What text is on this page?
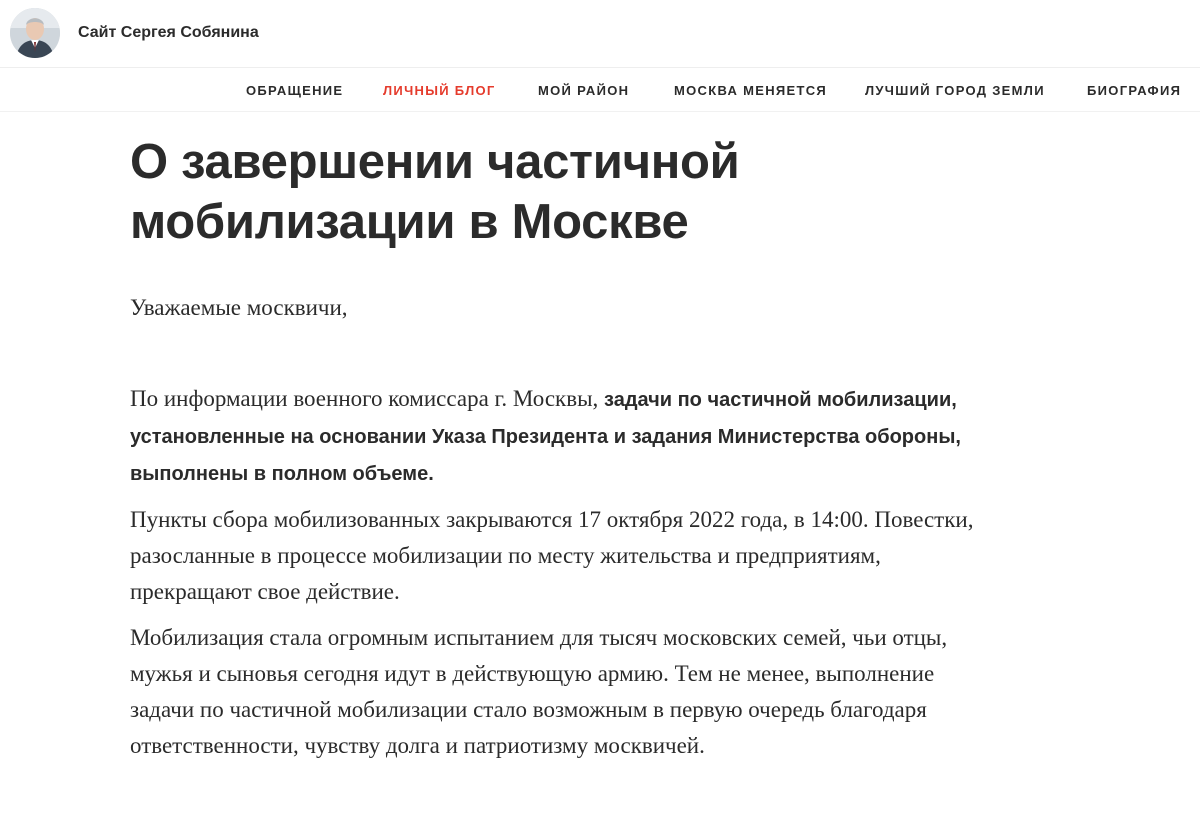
Сайт Сергея Собянина
ОБРАЩЕНИЕ	ЛИЧНЫЙ БЛОГ	МОЙ РАЙОН	МОСКВА МЕНЯЕТСЯ	ЛУЧШИЙ ГОРОД ЗЕМЛИ	БИОГРАФИЯ
О завершении частичной мобилизации в Москве

Уважаемые москвичи,

По информации военного комиссара г. Москвы, задачи по частичной мобилизации, установленные на основании Указа Президента и задания Министерства обороны, выполнены в полном объеме.

Пункты сбора мобилизованных закрываются 17 октября 2022 года, в 14:00. Повестки, разосланные в процессе мобилизации по месту жительства и предприятиям, прекращают свое действие.

Мобилизация стала огромным испытанием для тысяч московских семей, чьи отцы, мужья и сыновья сегодня идут в действующую армию. Тем не менее, выполнение задачи по частичной мобилизации стало возможным в первую очередь благодаря ответственности, чувству долга и патриотизму москвичей.
